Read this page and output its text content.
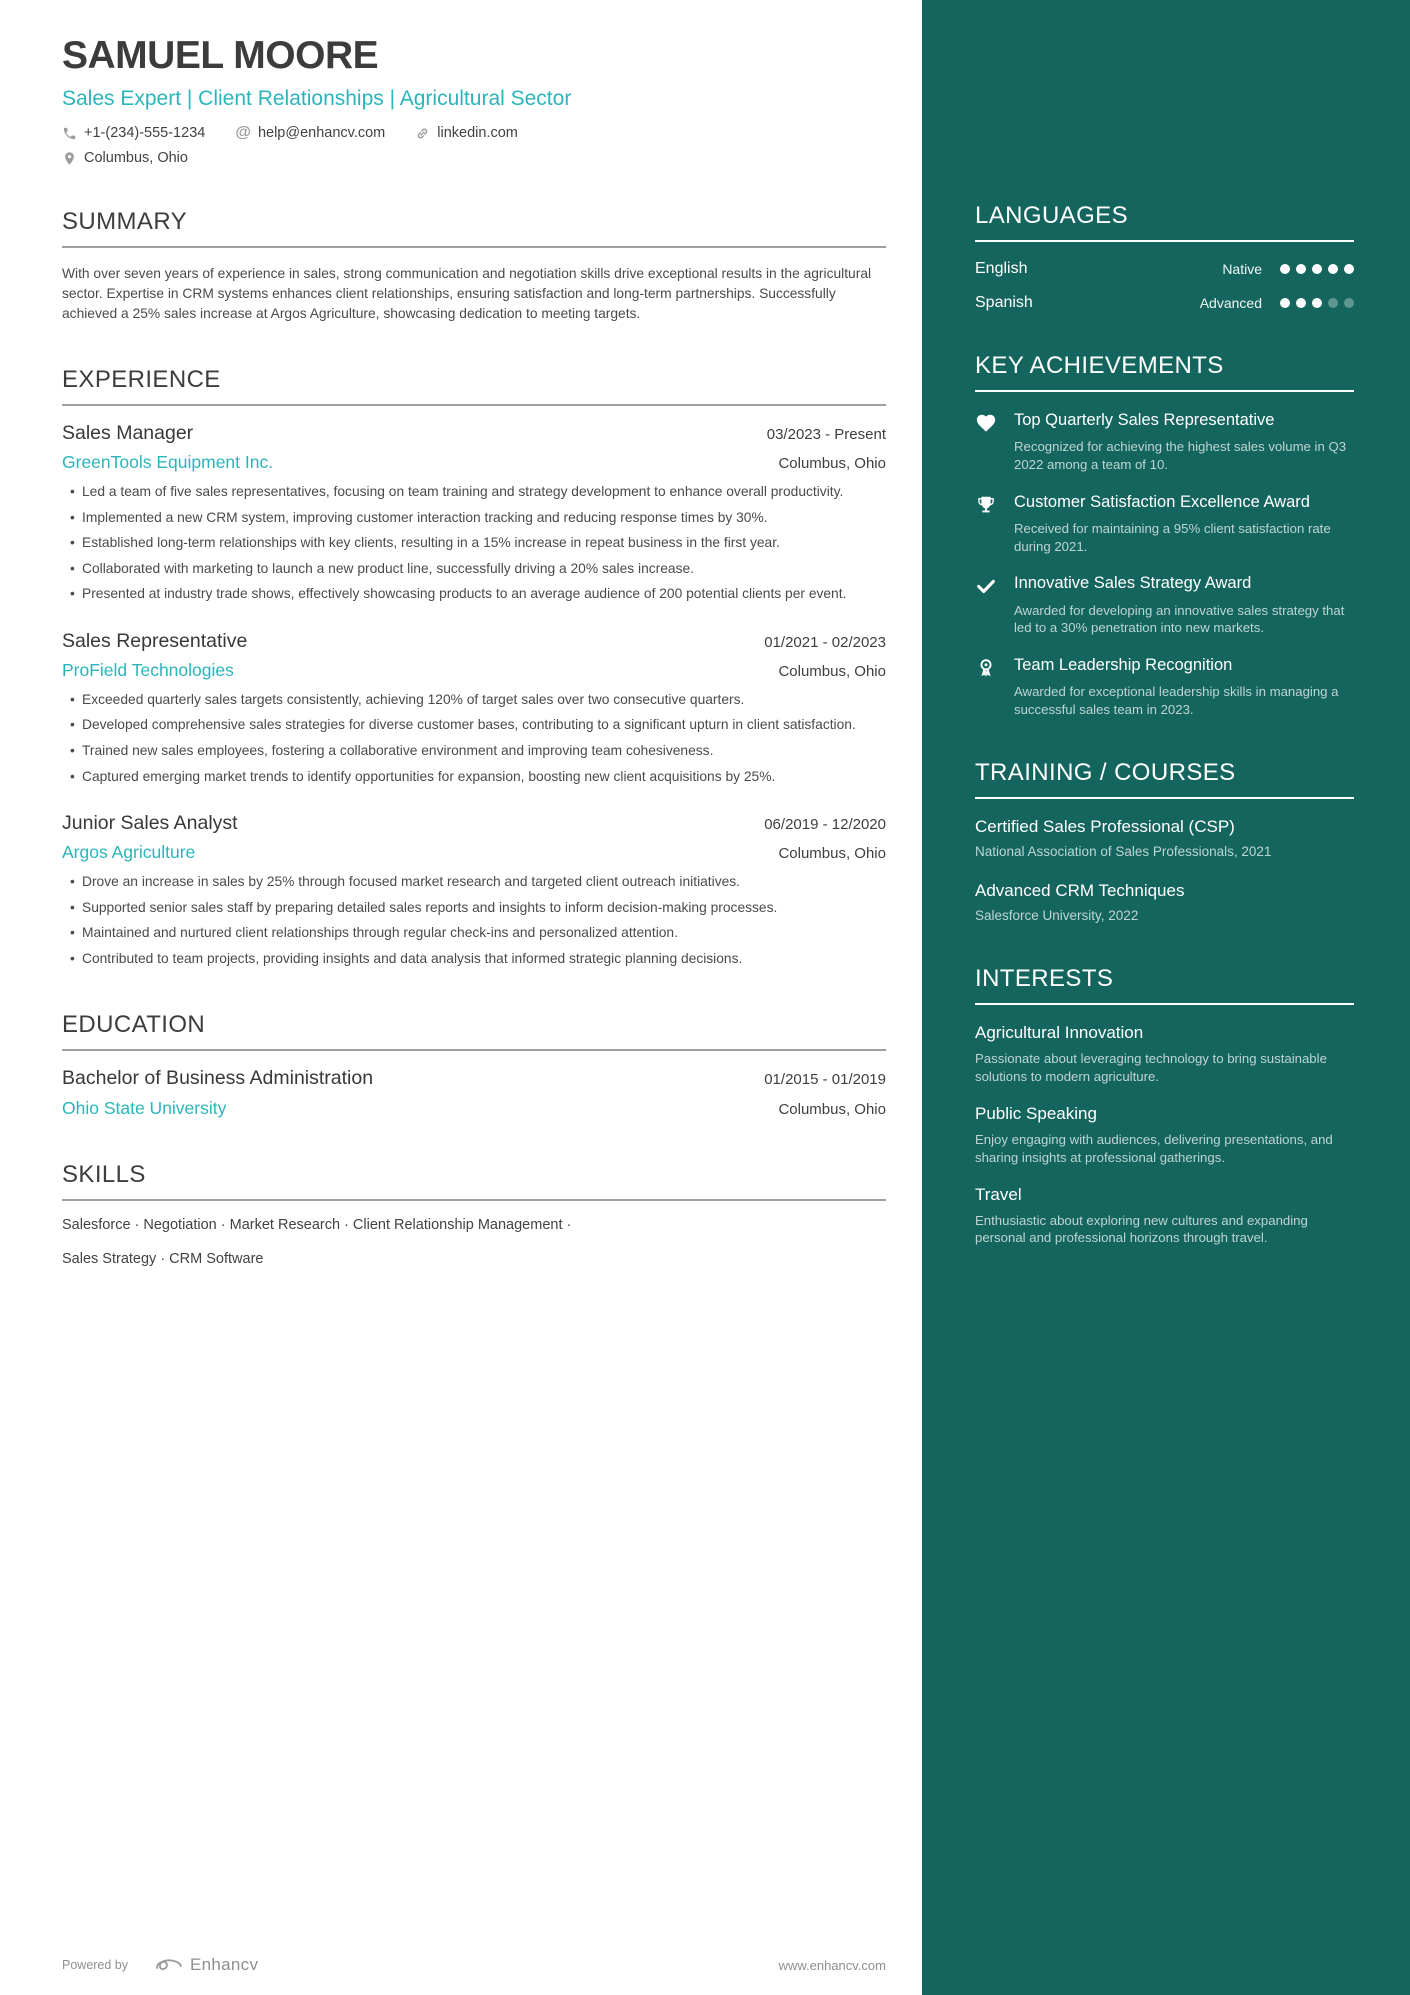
SAMUEL MOORE
Sales Expert | Client Relationships | Agricultural Sector
+1-(234)-555-1234 @ help@enhancv.com	linkedin.com
Columbus, Ohio
SUMMARY
With over seven years of experience in sales, strong communication and negotiation skills drive exceptional results in the agricultural sector. Expertise in CRM systems enhances client relationships, ensuring satisfaction and long-term partnerships. Successfully achieved a 25% sales increase at Argos Agriculture, showcasing dedication to meeting targets.
EXPERIENCE
Sales Manager	03/2023 - Present
GreenTools Equipment Inc.	Columbus, Ohio
• Led a team of five sales representatives, focusing on team training and strategy development to enhance overall productivity.
• Implemented a new CRM system, improving customer interaction tracking and reducing response times by 30%.
• Established long-term relationships with key clients, resulting in a 15% increase in repeat business in the first year.
• Collaborated with marketing to launch a new product line, successfully driving a 20% sales increase.
• Presented at industry trade shows, effectively showcasing products to an average audience of 200 potential clients per event.
Sales Representative	01/2021 - 02/2023
ProField Technologies	Columbus, Ohio
• Exceeded quarterly sales targets consistently, achieving 120% of target sales over two consecutive quarters.
• Developed comprehensive sales strategies for diverse customer bases, contributing to a significant upturn in client satisfaction.
• Trained new sales employees, fostering a collaborative environment and improving team cohesiveness.
• Captured emerging market trends to identify opportunities for expansion, boosting new client acquisitions by 25%.
Junior Sales Analyst	06/2019 - 12/2020
Argos Agriculture	Columbus, Ohio
• Drove an increase in sales by 25% through focused market research and targeted client outreach initiatives.
• Supported senior sales staff by preparing detailed sales reports and insights to inform decision-making processes.
• Maintained and nurtured client relationships through regular check-ins and personalized attention.
• Contributed to team projects, providing insights and data analysis that informed strategic planning decisions.
EDUCATION
Bachelor of Business Administration	01/2015 - 01/2019
Ohio State University	Columbus, Ohio
SKILLS
Salesforce · Negotiation · Market Research · Client Relationship Management ·
Sales Strategy · CRM Software
LANGUAGES
English	Native
Spanish	Advanced
KEY ACHIEVEMENTS
Top Quarterly Sales Representative
Recognized for achieving the highest sales volume in Q3 2022 among a team of 10.
Customer Satisfaction Excellence Award
Received for maintaining a 95% client satisfaction rate during 2021.
Innovative Sales Strategy Award
Awarded for developing an innovative sales strategy that led to a 30% penetration into new markets.
Team Leadership Recognition
Awarded for exceptional leadership skills in managing a successful sales team in 2023.
TRAINING / COURSES
Certified Sales Professional (CSP)
National Association of Sales Professionals, 2021
Advanced CRM Techniques
Salesforce University, 2022
INTERESTS
Agricultural Innovation
Passionate about leveraging technology to bring sustainable solutions to modern agriculture.
Public Speaking
Enjoy engaging with audiences, delivering presentations, and sharing insights at professional gatherings.
Travel
Enthusiastic about exploring new cultures and expanding personal and professional horizons through travel.
Powered by	Enhancv	www.enhancv.com
